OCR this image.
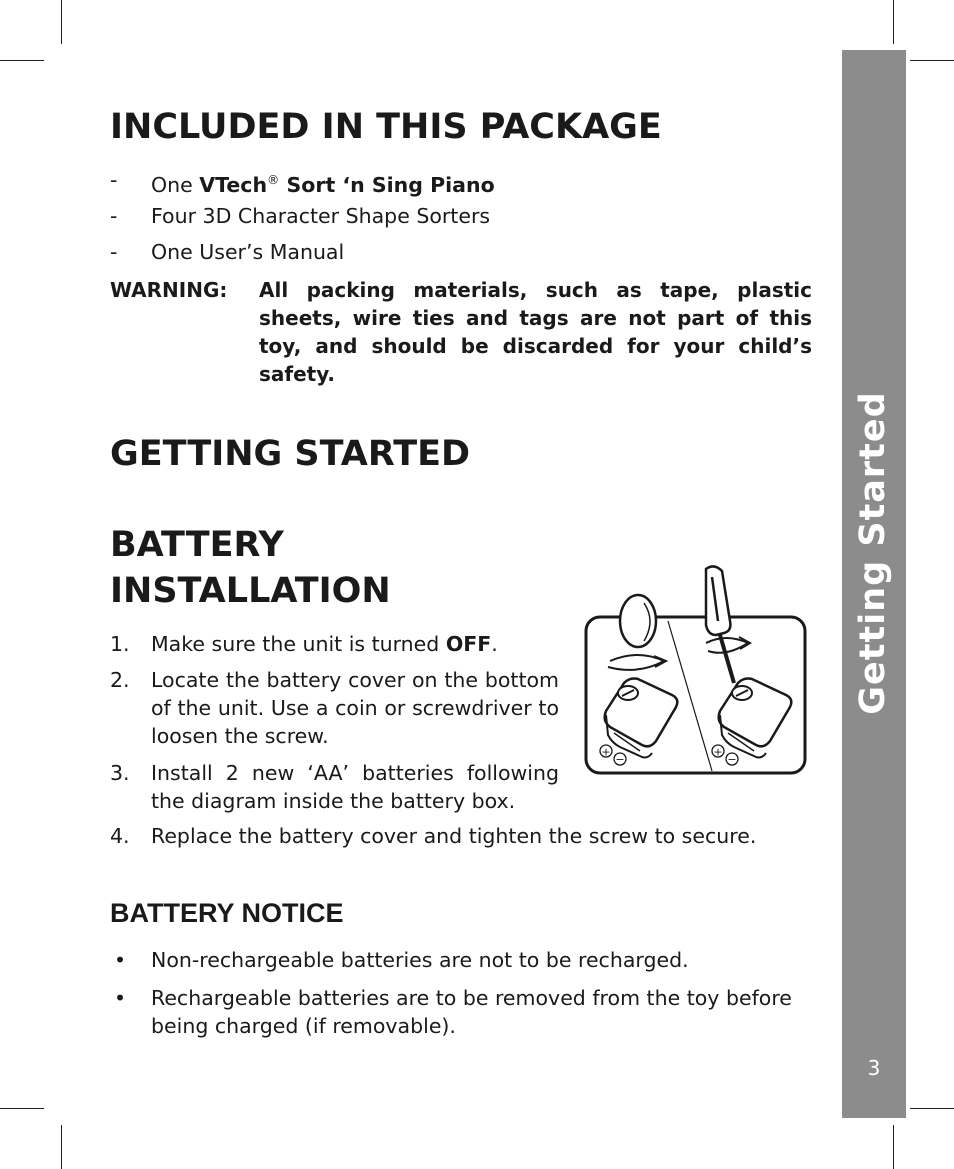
Getting Started
3
INCLUDED IN THIS PACKAGE
- One VTech® Sort ‘n Sing Piano
- Four 3D Character Shape Sorters
- One User’s Manual
WARNING: All packing materials, such as tape, plastic sheets, wire ties and tags are not part of this toy, and should be discarded for your child’s safety.
GETTING STARTED
BATTERY
INSTALLATION
1. Make sure the unit is turned OFF.
2. Locate the battery cover on the bottom of the unit. Use a coin or screwdriver to loosen the screw.
3. Install 2 new ‘AA’ batteries following the diagram inside the battery box.
4. Replace the battery cover and tighten the screw to secure.
+
−
+
−
BATTERY NOTICE
• Non-rechargeable batteries are not to be recharged.
• Rechargeable batteries are to be removed from the toy before being charged (if removable).
